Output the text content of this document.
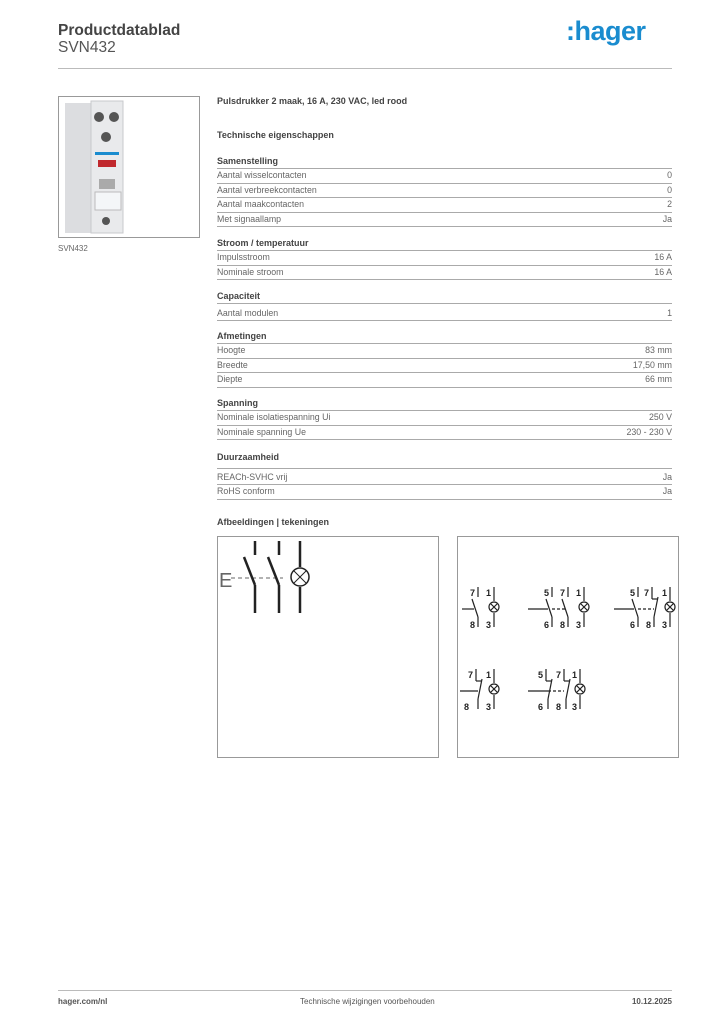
Productdatablad
SVN432
:hager
SVN432
Pulsdrukker 2 maak, 16 A, 230 VAC, led rood
Technische eigenschappen
Samenstelling
Aantal wisselcontacten	0
Aantal verbreekcontacten	0
Aantal maakcontacten	2
Met signaallamp	Ja
Stroom / temperatuur
Impulsstroom	16 A
Nominale stroom	16 A
Capaciteit
Aantal modulen	1
Afmetingen
Hoogte	83 mm
Breedte	17,50 mm
Diepte	66 mm
Spanning
Nominale isolatiespanning Ui	250 V
Nominale spanning Ue	230 - 230 V
Duurzaamheid
REACh-SVHC vrij	Ja
RoHS conform	Ja
Afbeeldingen | tekeningen
E
7
8
1
3
5
6
7
8
1
3
5
6
7
8
1
3
7
8
1
3
5
6
7
8
1
3
hager.com/nl	Technische wijzigingen voorbehouden	10.12.2025
